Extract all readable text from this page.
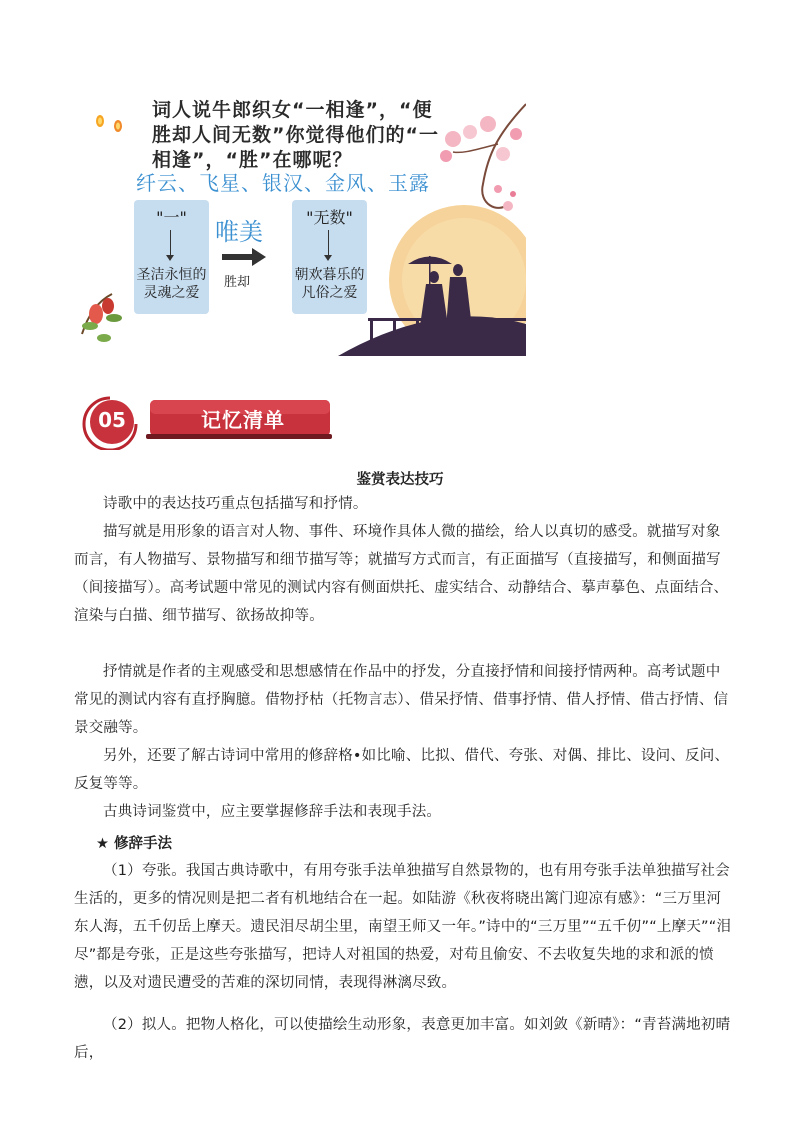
词人说牛郎织女“一相逢”，“便
胜却人间无数”你觉得他们的“一
相逢”，“胜”在哪呢？
纤云、飞星、银汉、金风、玉露
"一"
圣洁永恒的
灵魂之爱
唯美
胜却
"无数"
朝欢暮乐的
凡俗之爱
05	记忆清单
鉴赏表达技巧
诗歌中的表达技巧重点包括描写和抒情。
描写就是用形象的语言对人物、事件、环境作具体人微的描绘，给人以真切的感受。就描写对象而言，有人物描写、景物描写和细节描写等；就描写方式而言，有正面描写（直接描写，和侧面描写（间接描写）。高考试题中常见的测试内容有侧面烘托、虚实结合、动静结合、摹声摹色、点面结合、渲染与白描、细节描写、欲扬故抑等。
抒情就是作者的主观感受和思想感情在作品中的抒发，分直接抒情和间接抒情两种。高考试题中常见的测试内容有直抒胸臆。借物抒枯（托物言志）、借呆抒情、借事抒情、借人抒情、借古抒情、信景交融等。
另外，还要了解古诗词中常用的修辞格•如比喻、比拟、借代、夸张、对偶、排比、设问、反问、反复等等。
古典诗词鉴赏中，应主要掌握修辞手法和表现手法。
★ 修辞手法
（1）夸张。我国古典诗歌中，有用夸张手法单独描写自然景物的，也有用夸张手法单独描写社会生活的，更多的情况则是把二者有机地结合在一起。如陆游《秋夜将晓出篱门迎凉有感》：“三万里河东人海，五千仞岳上摩天。遗民泪尽胡尘里，南望王师又一年。”诗中的“三万里”“五千仞”“上摩天”“泪尽”都是夸张，正是这些夸张描写，把诗人对祖国的热爱，对苟且偷安、不去收复失地的求和派的愤懑，以及对遗民遭受的苦难的深切同情，表现得淋漓尽致。
（2）拟人。把物人格化，可以使描绘生动形象，表意更加丰富。如刘敛《新晴》：“青苔满地初晴后，
